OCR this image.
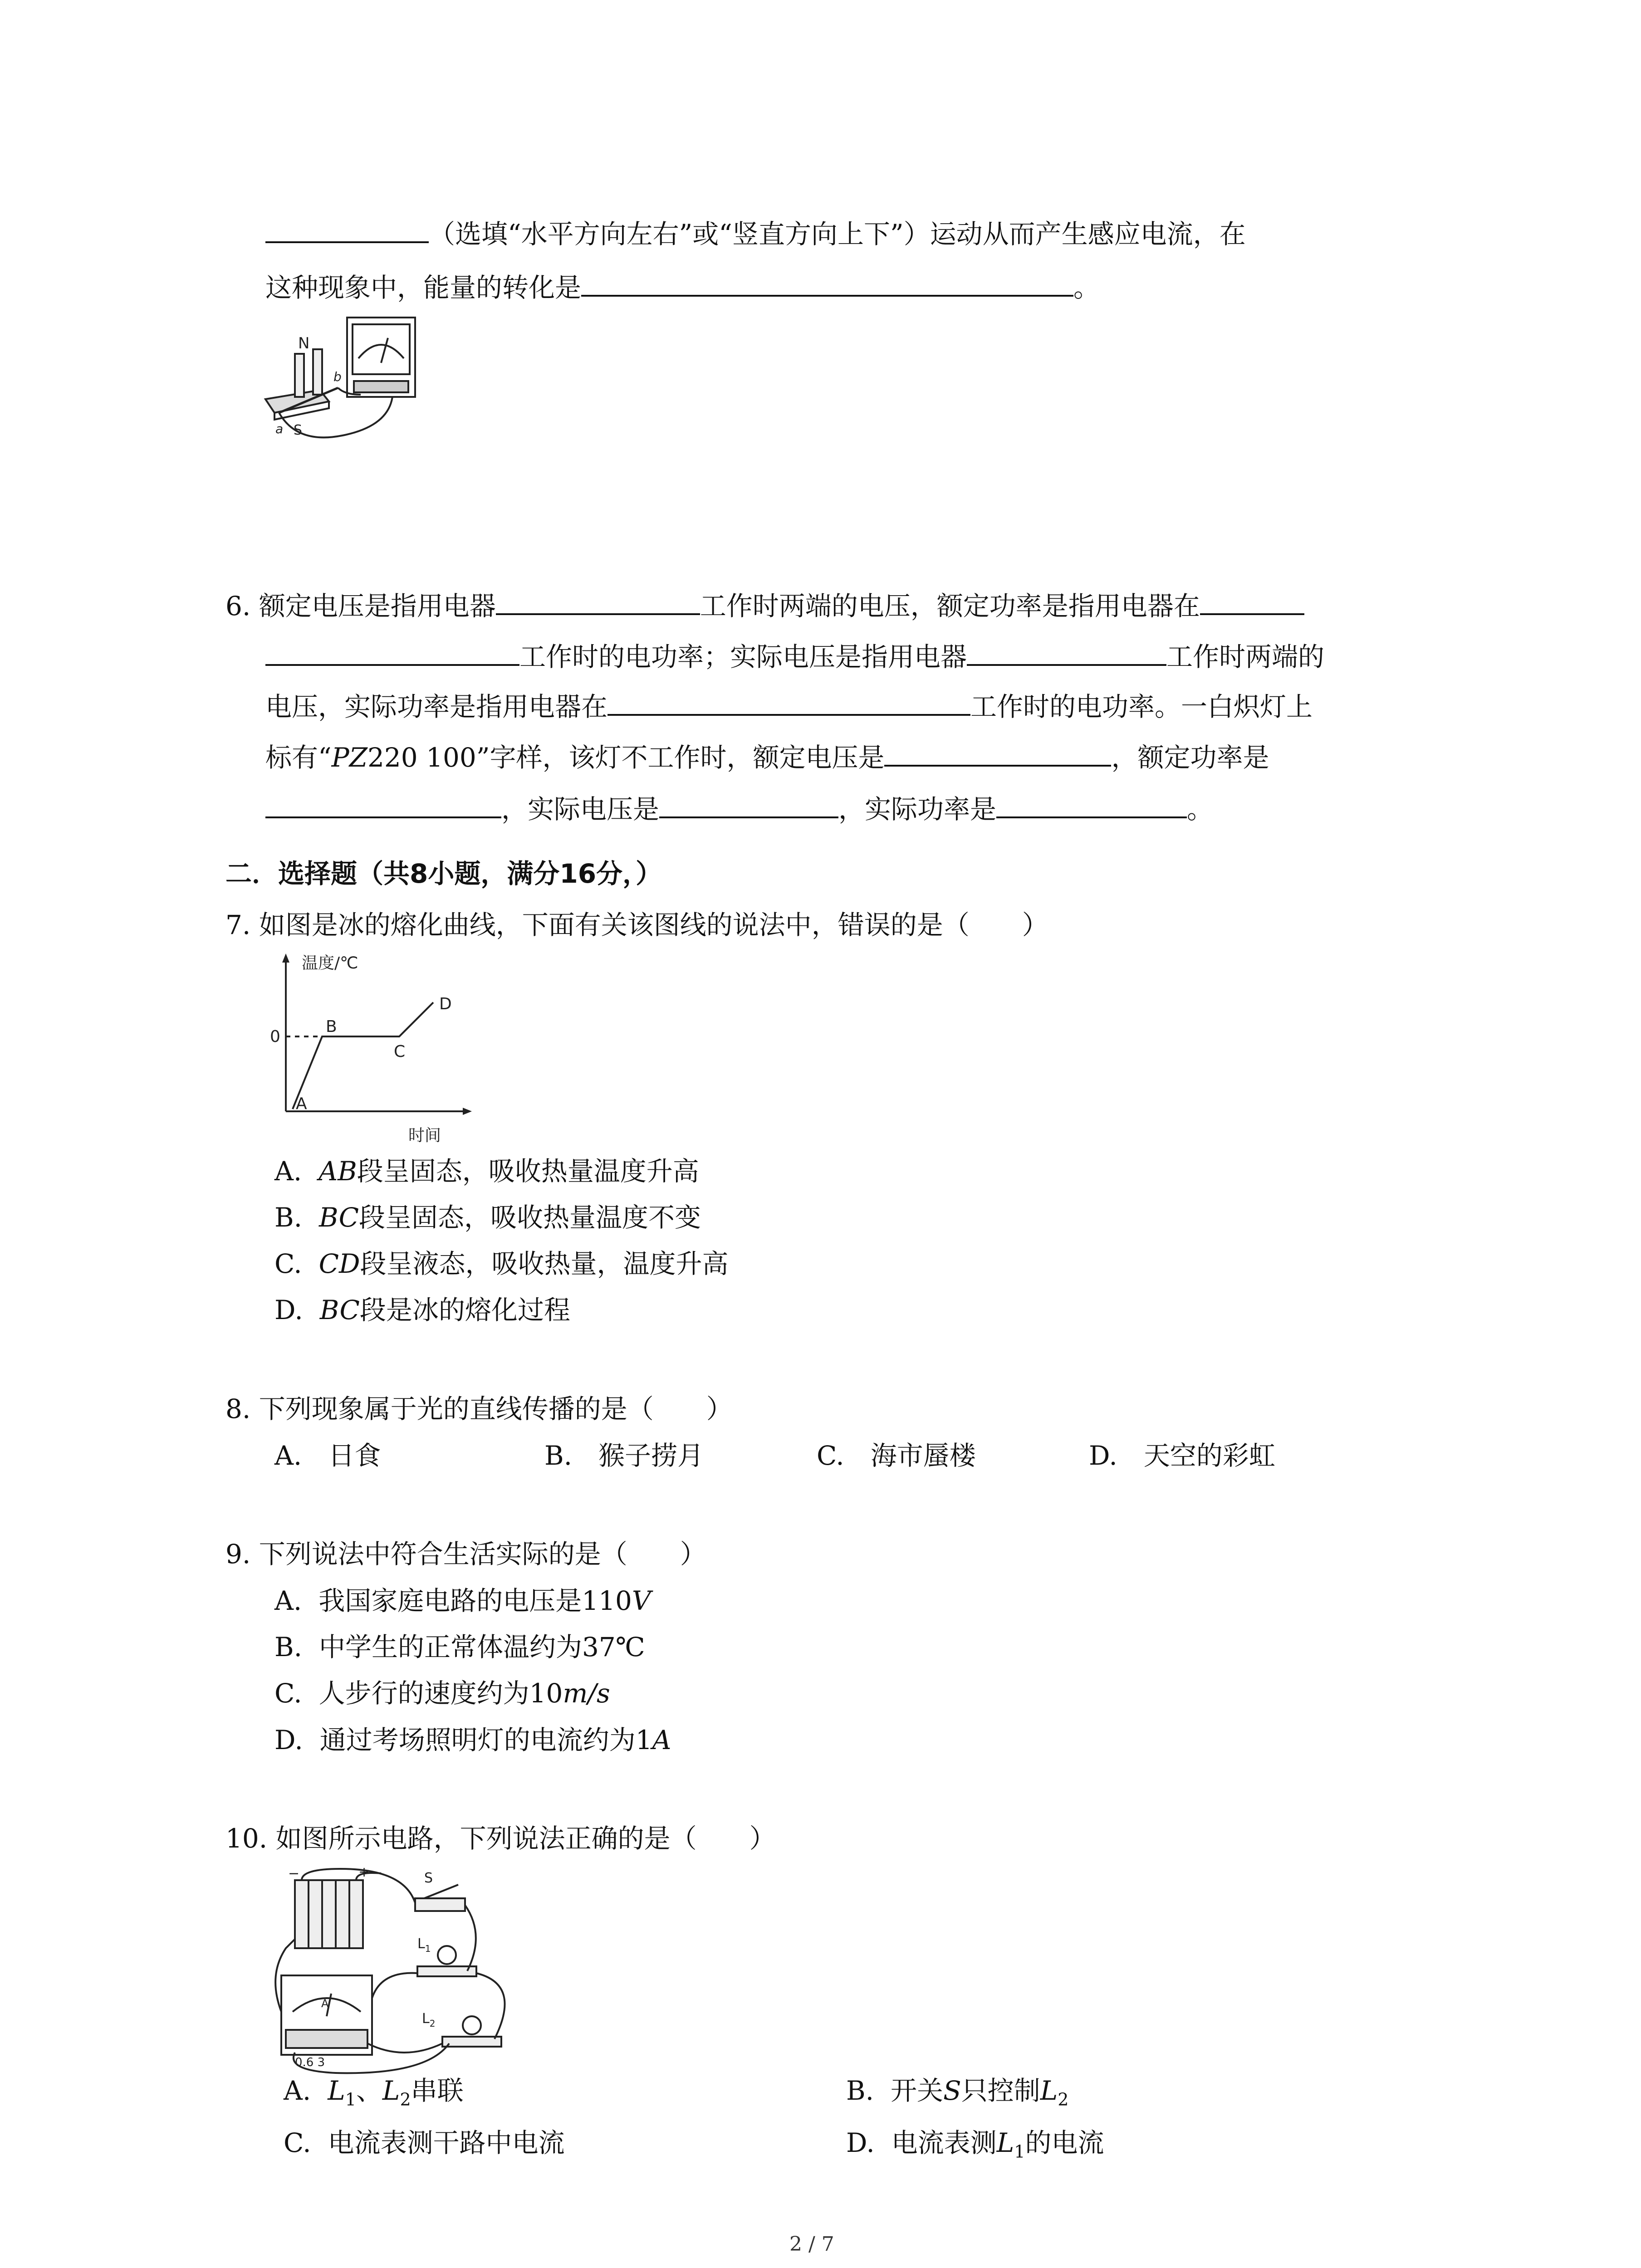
（选填“水平方向左右”或“竖直方向上下”）运动从而产生感应电流，在
这种现象中，能量的转化是	。
N
S
a
b
6. 额定电压是指用电器	工作时两端的电压，额定功率是指用电器在
工作时的电功率；实际电压是指用电器	工作时两端的
电压，实际功率是指用电器在	工作时的电功率。一白炽灯上
标有“PZ220 100”字样，该灯不工作时，额定电压是	，额定功率是
，实际电压是	，实际功率是	。
二．选择题（共8小题，满分16分，）
7. 如图是冰的熔化曲线，下面有关该图线的说法中，错误的是（　　）
温度/℃
时间
0
A
B
C
D
A. AB段呈固态，吸收热量温度升高
B. BC段呈固态，吸收热量温度不变
C. CD段呈液态，吸收热量，温度升高
D. BC段是冰的熔化过程
8. 下列现象属于光的直线传播的是（　　）
A.　日食	B.　猴子捞月	C.　海市蜃楼	D.　天空的彩虹
9. 下列说法中符合生活实际的是（　　）
A. 我国家庭电路的电压是110V
B. 中学生的正常体温约为37℃
C. 人步行的速度约为10m/s
D. 通过考场照明灯的电流约为1A
10. 如图所示电路，下列说法正确的是（　　）
−	+	S
$L_1$
$L_2$
A
0.6 3
A. $L_1$、$L_2$串联	B. 开关S只控制$L_2$
C. 电流表测干路中电流	D. 电流表测$L_1$的电流
2 / 7
